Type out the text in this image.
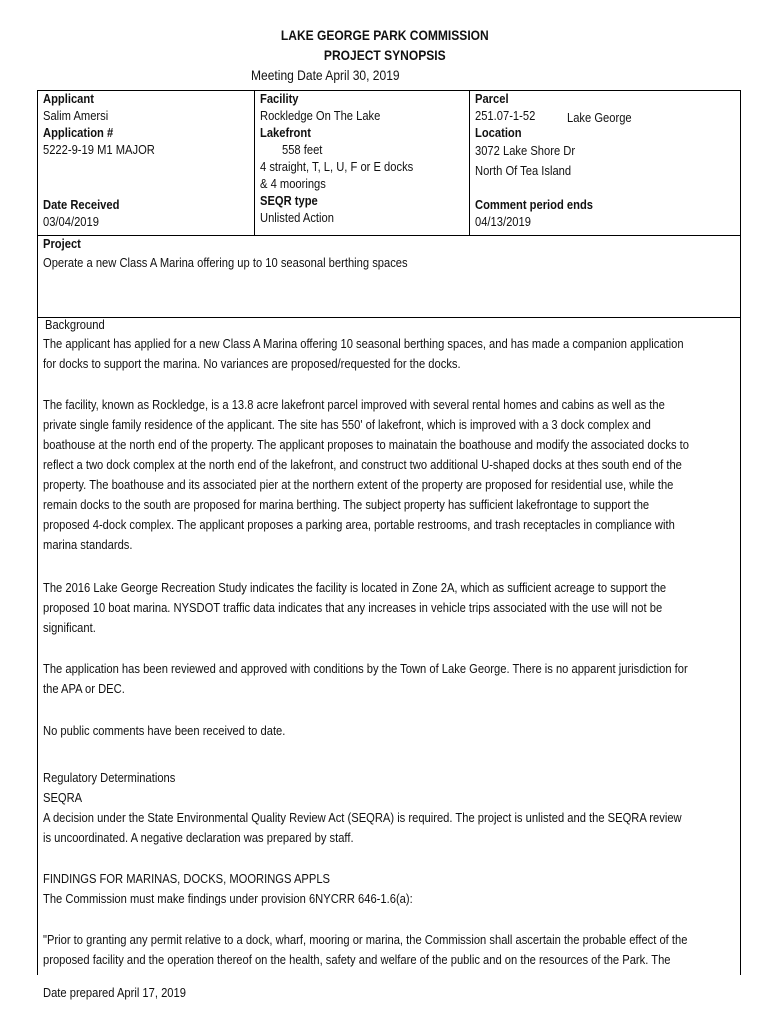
LAKE GEORGE PARK COMMISSION
PROJECT SYNOPSIS
Meeting Date April 30, 2019
Applicant
Salim Amersi
Application #
5222-9-19 M1 MAJOR
Date Received
03/04/2019
Facility
Rockledge On The Lake
Lakefront
558 feet
4 straight, T, L, U, F or E docks
& 4 moorings
SEQR type
Unlisted Action
Parcel
251.07-1-52 Lake George
Location
3072 Lake Shore Dr
North Of Tea Island
Comment period ends
04/13/2019
Project
Operate a new Class A Marina offering up to 10 seasonal berthing spaces
Background
The applicant has applied for a new Class A Marina offering 10 seasonal berthing spaces, and has made a companion application
for docks to support the marina. No variances are proposed/requested for the docks.
The facility, known as Rockledge, is a 13.8 acre lakefront parcel improved with several rental homes and cabins as well as the
private single family residence of the applicant. The site has 550' of lakefront, which is improved with a 3 dock complex and
boathouse at the north end of the property. The applicant proposes to mainatain the boathouse and modify the associated docks to
reflect a two dock complex at the north end of the lakefront, and construct two additional U-shaped docks at thes south end of the
property. The boathouse and its associated pier at the northern extent of the property are proposed for residential use, while the
remain docks to the south are proposed for marina berthing. The subject property has sufficient lakefrontage to support the
proposed 4-dock complex. The applicant proposes a parking area, portable restrooms, and trash receptacles in compliance with
marina standards.
The 2016 Lake George Recreation Study indicates the facility is located in Zone 2A, which as sufficient acreage to support the
proposed 10 boat marina. NYSDOT traffic data indicates that any increases in vehicle trips associated with the use will not be
significant.
The application has been reviewed and approved with conditions by the Town of Lake George. There is no apparent jurisdiction for
the APA or DEC.
No public comments have been received to date.
Regulatory Determinations
SEQRA
A decision under the State Environmental Quality Review Act (SEQRA) is required. The project is unlisted and the SEQRA review
is uncoordinated. A negative declaration was prepared by staff.
FINDINGS FOR MARINAS, DOCKS, MOORINGS APPLS
The Commission must make findings under provision 6NYCRR 646-1.6(a):
"Prior to granting any permit relative to a dock, wharf, mooring or marina, the Commission shall ascertain the probable effect of the
proposed facility and the operation thereof on the health, safety and welfare of the public and on the resources of the Park. The
Date prepared April 17, 2019
